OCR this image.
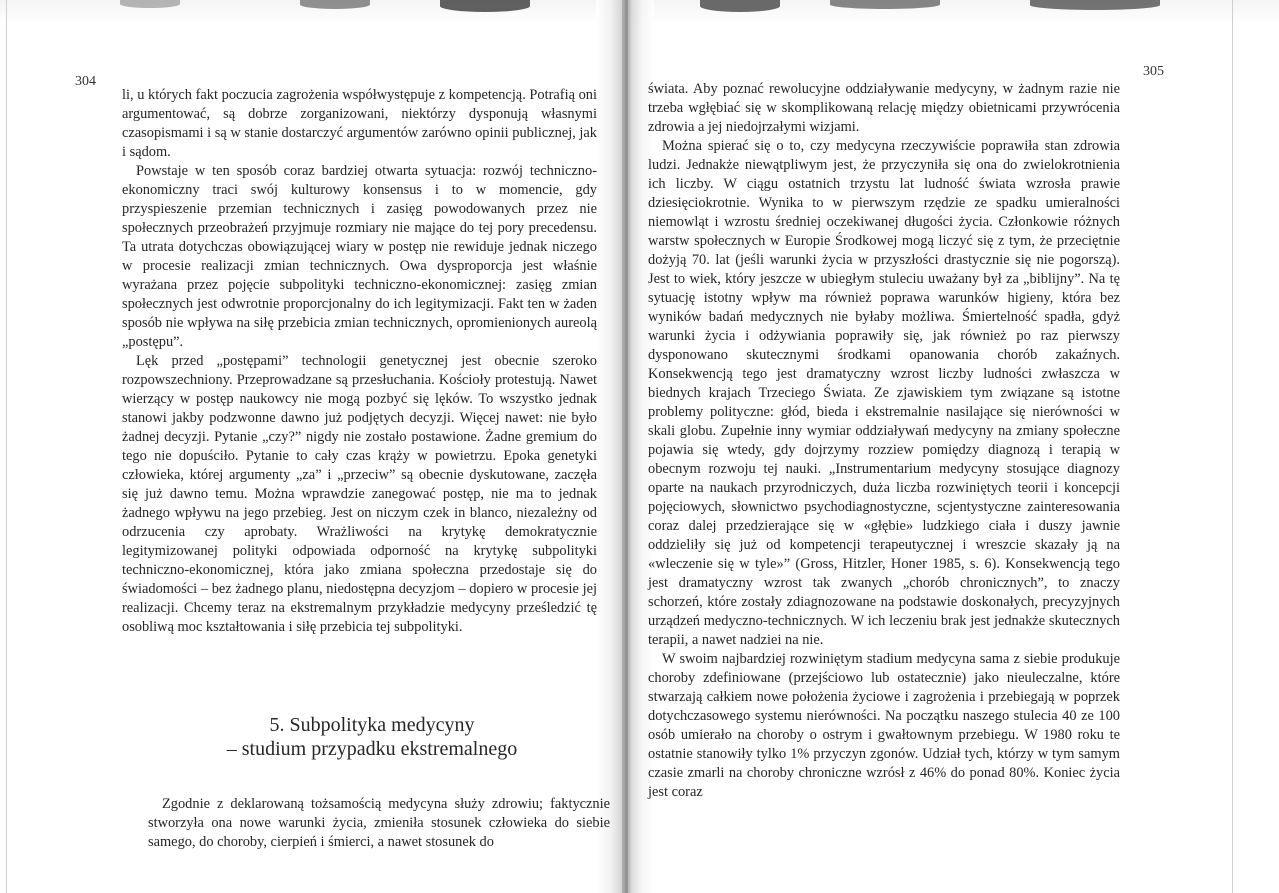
304
305

li, u których fakt poczucia zagrożenia współwystępuje z kompetencją. Potrafią oni argumentować, są dobrze zorganizowani, niektórzy dysponują własnymi czasopismami i są w stanie dostarczyć argumentów zarówno opinii publicznej, jak i sądom.

Powstaje w ten sposób coraz bardziej otwarta sytuacja: rozwój techniczno-ekonomiczny traci swój kulturowy konsensus i to w momencie, gdy przyspieszenie przemian technicznych i zasięg powodowanych przez nie społecznych przeobrażeń przyjmuje rozmiary nie mające do tej pory precedensu. Ta utrata dotychczas obowiązującej wiary w postęp nie rewiduje jednak niczego w procesie realizacji zmian technicznych. Owa dysproporcja jest właśnie wyrażana przez pojęcie subpolityki techniczno-ekonomicznej: zasięg zmian społecznych jest odwrotnie proporcjonalny do ich legitymizacji. Fakt ten w żaden sposób nie wpływa na siłę przebicia zmian technicznych, opromienionych aureolą „postępu”.

Lęk przed „postępami” technologii genetycznej jest obecnie szeroko rozpowszechniony. Przeprowadzane są przesłuchania. Kościoły protestują. Nawet wierzący w postęp naukowcy nie mogą pozbyć się lęków. To wszystko jednak stanowi jakby podzwonne dawno już podjętych decyzji. Więcej nawet: nie było żadnej decyzji. Pytanie „czy?” nigdy nie zostało postawione. Żadne gremium do tego nie dopuściło. Pytanie to cały czas krąży w powietrzu. Epoka genetyki człowieka, której argumenty „za” i „przeciw” są obecnie dyskutowane, zaczęła się już dawno temu. Można wprawdzie zanegować postęp, nie ma to jednak żadnego wpływu na jego przebieg. Jest on niczym czek in blanco, niezależny od odrzucenia czy aprobaty. Wrażliwości na krytykę demokratycznie legitymizowanej polityki odpowiada odporność na krytykę subpolityki techniczno-ekonomicznej, która jako zmiana społeczna przedostaje się do świadomości – bez żadnego planu, niedostępna decyzjom – dopiero w procesie jej realizacji. Chcemy teraz na ekstremalnym przykładzie medycyny prześledzić tę osobliwą moc kształtowania i siłę przebicia tej subpolityki.

5. Subpolityka medycyny
– studium przypadku ekstremalnego

Zgodnie z deklarowaną tożsamością medycyna służy zdrowiu; faktycznie stworzyła ona nowe warunki życia, zmieniła stosunek człowieka do siebie samego, do choroby, cierpień i śmierci, a nawet stosunek do

świata. Aby poznać rewolucyjne oddziaływanie medycyny, w żadnym razie nie trzeba wgłębiać się w skomplikowaną relację między obietnicami przywrócenia zdrowia a jej niedojrzałymi wizjami.

Można spierać się o to, czy medycyna rzeczywiście poprawiła stan zdrowia ludzi. Jednakże niewątpliwym jest, że przyczyniła się ona do zwielokrotnienia ich liczby. W ciągu ostatnich trzystu lat ludność świata wzrosła prawie dziesięciokrotnie. Wynika to w pierwszym rzędzie ze spadku umieralności niemowląt i wzrostu średniej oczekiwanej długości życia. Członkowie różnych warstw społecznych w Europie Środkowej mogą liczyć się z tym, że przeciętnie dożyją 70. lat (jeśli warunki życia w przyszłości drastycznie się nie pogorszą). Jest to wiek, który jeszcze w ubiegłym stuleciu uważany był za „biblijny”. Na tę sytuację istotny wpływ ma również poprawa warunków higieny, która bez wyników badań medycznych nie byłaby możliwa. Śmiertelność spadła, gdyż warunki życia i odżywiania poprawiły się, jak również po raz pierwszy dysponowano skutecznymi środkami opanowania chorób zakaźnych. Konsekwencją tego jest dramatyczny wzrost liczby ludności zwłaszcza w biednych krajach Trzeciego Świata. Ze zjawiskiem tym związane są istotne problemy polityczne: głód, bieda i ekstremalnie nasilające się nierówności w skali globu. Zupełnie inny wymiar oddziaływań medycyny na zmiany społeczne pojawia się wtedy, gdy dojrzymy rozziew pomiędzy diagnozą i terapią w obecnym rozwoju tej nauki. „Instrumentarium medycyny stosujące diagnozy oparte na naukach przyrodniczych, duża liczba rozwiniętych teorii i koncepcji pojęciowych, słownictwo psychodiagnostyczne, scjentystyczne zainteresowania coraz dalej przedzierające się w «głębie» ludzkiego ciała i duszy jawnie oddzieliły się już od kompetencji terapeutycznej i wreszcie skazały ją na «wleczenie się w tyle»” (Gross, Hitzler, Honer 1985, s. 6). Konsekwencją tego jest dramatyczny wzrost tak zwanych „chorób chronicznych”, to znaczy schorzeń, które zostały zdiagnozowane na podstawie doskonałych, precyzyjnych urządzeń medyczno-technicznych. W ich leczeniu brak jest jednakże skutecznych terapii, a nawet nadziei na nie.

W swoim najbardziej rozwiniętym stadium medycyna sama z siebie produkuje choroby zdefiniowane (przejściowo lub ostatecznie) jako nieuleczalne, które stwarzają całkiem nowe położenia życiowe i zagrożenia i przebiegają w poprzek dotychczasowego systemu nierówności. Na początku naszego stulecia 40 ze 100 osób umierało na choroby o ostrym i gwałtownym przebiegu. W 1980 roku te ostatnie stanowiły tylko 1% przyczyn zgonów. Udział tych, którzy w tym samym czasie zmarli na choroby chroniczne wzrósł z 46% do ponad 80%. Koniec życia jest coraz
